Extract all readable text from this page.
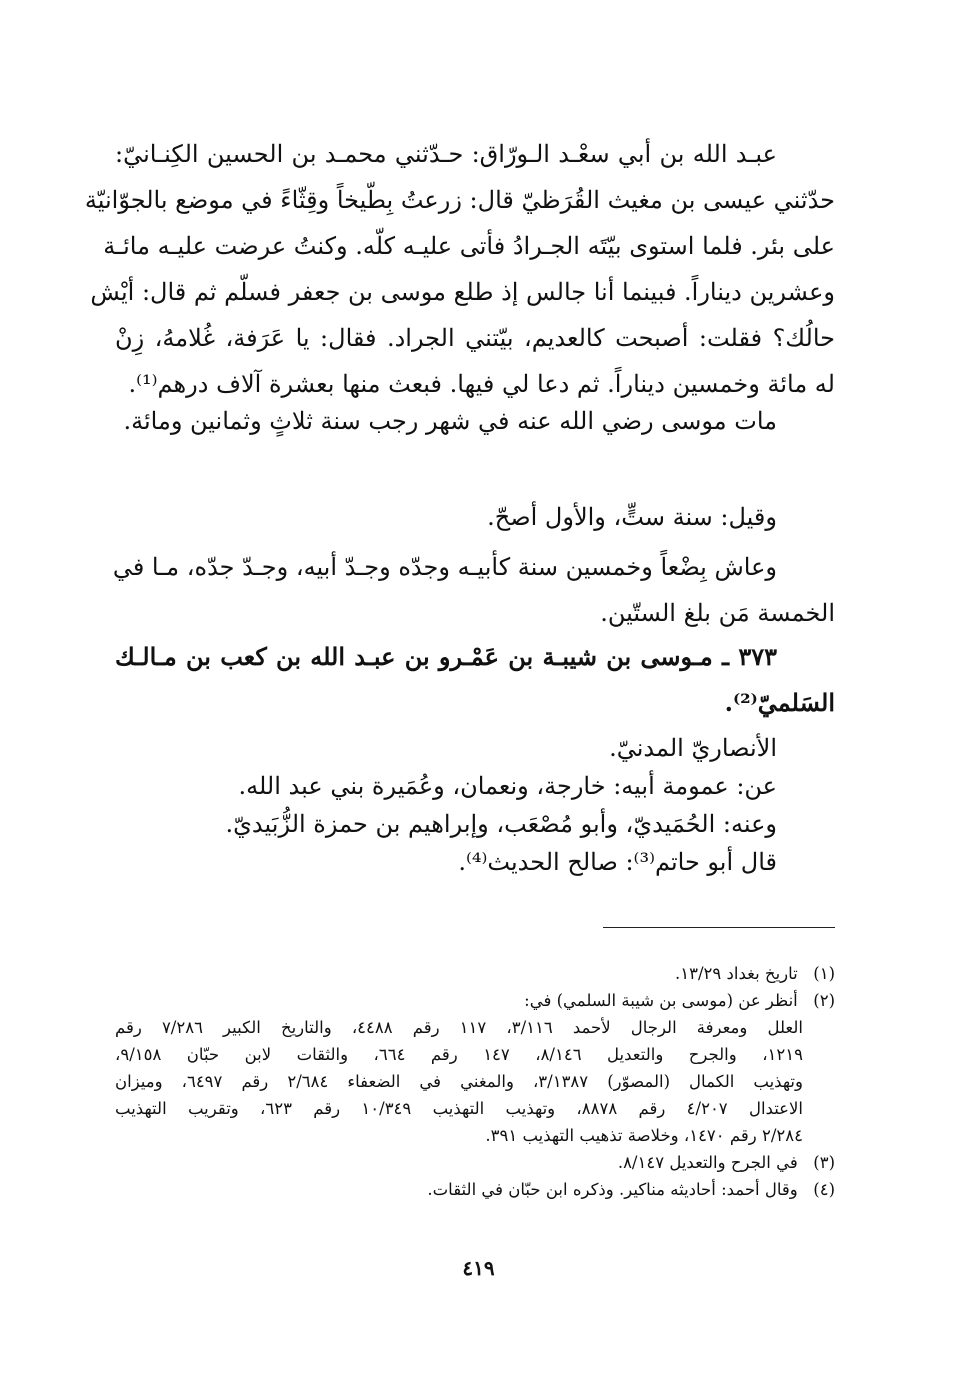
عبـد الله بن أبي سعْـد الـورّاق: حـدّثني محمـد بن الحسين الكِنـانيّ:
حدّثني عيسى بن مغيث القُرَظيّ قال: زرعتُ بِطّيخاً وقِثّاءً في موضع بالجوّانيّة
على بئر. فلما استوى بيّتَه الجـرادُ فأتى عليـه كلّه. وكنتُ عرضت عليـه مائـة
وعشرين ديناراً. فبينما أنا جالس إذ طلع موسى بن جعفر فسلّم ثم قال: أيْش
حالُك؟ فقلت: أصبحت كالعديم، بيّتني الجراد. فقال: يا عَرَفة، غُلامهُ، زِنْ
له مائة وخمسين ديناراً. ثم دعا لي فيها. فبعث منها بعشرة آلاف درهم⁽¹⁾.
مات موسى رضي الله عنه في شهر رجب سنة ثلاثٍ وثمانين ومائة.
وقيل: سنة ستٍّ، والأول أصحّ.
وعاش بِضْعاً وخمسين سنة كأبيـه وجدّه وجـدّ أبيه، وجـدّ جدّه، مـا في
الخمسة مَن بلغ الستّين.
٣٧٣ ـ مـوسى بن شيبـة بن عَمْـرو بن عبـد الله بن كعب بن مـالـك
السَلميّ⁽²⁾.
الأنصاريّ المدنيّ.
عن: عمومة أبيه: خارجة، ونعمان، وعُمَيرة بني عبد الله.
وعنه: الحُمَيديّ، وأبو مُصْعَب، وإبراهيم بن حمزة الزُّبَيديّ.
قال أبو حاتم⁽³⁾: صالح الحديث⁽⁴⁾.
(١) تاريخ بغداد ١٣/٢٩.
(٢) أنظر عن (موسى بن شيبة السلمي) في:
العلل ومعرفة الرجال لأحمد ٣/١١٦، ١١٧ رقم ٤٤٨٨، والتاريخ الكبير ٧/٢٨٦ رقم
١٢١٩، والجرح والتعديل ٨/١٤٦، ١٤٧ رقم ٦٦٤، والثقات لابن حبّان ٩/١٥٨،
وتهذيب الكمال (المصوّر) ٣/١٣٨٧، والمغني في الضعفاء ٢/٦٨٤ رقم ٦٤٩٧، وميزان
الاعتدال ٤/٢٠٧ رقم ٨٨٧٨، وتهذيب التهذيب ١٠/٣٤٩ رقم ٦٢٣، وتقريب التهذيب
٢/٢٨٤ رقم ١٤٧٠، وخلاصة تذهيب التهذيب ٣٩١.
(٣) في الجرح والتعديل ٨/١٤٧.
(٤) وقال أحمد: أحاديثه مناكير. وذكره ابن حبّان في الثقات.
٤١٩
